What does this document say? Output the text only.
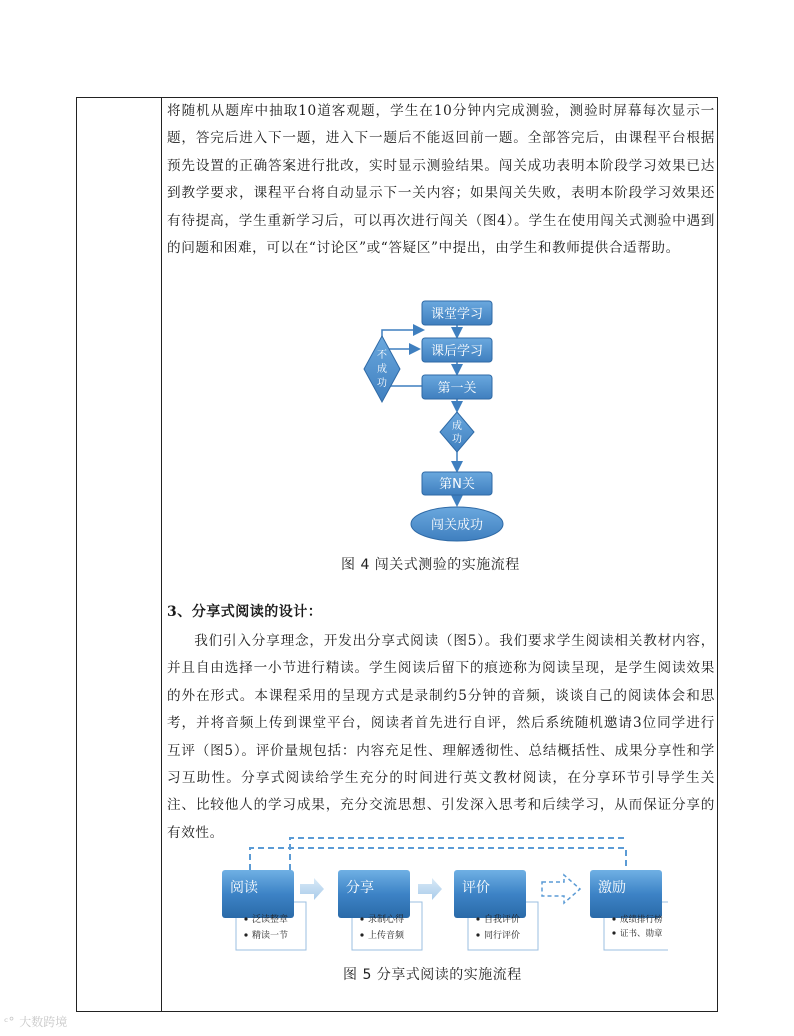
将随机从题库中抽取10道客观题，学生在10分钟内完成测验，测验时屏幕每次显示一题，答完后进入下一题，进入下一题后不能返回前一题。全部答完后，由课程平台根据预先设置的正确答案进行批改，实时显示测验结果。闯关成功表明本阶段学习效果已达到教学要求，课程平台将自动显示下一关内容；如果闯关失败，表明本阶段学习效果还有待提高，学生重新学习后，可以再次进行闯关（图4）。学生在使用闯关式测验中遇到的问题和困难，可以在“讨论区”或“答疑区”中提出，由学生和教师提供合适帮助。

课堂学习
课后学习
第一关
不
成
功
成
功
第N关
闯关成功
图 4 闯关式测验的实施流程
3、分享式阅读的设计：

我们引入分享理念，开发出分享式阅读（图5）。我们要求学生阅读相关教材内容，并且自由选择一小节进行精读。学生阅读后留下的痕迹称为阅读呈现，是学生阅读效果的外在形式。本课程采用的呈现方式是录制约5分钟的音频，谈谈自己的阅读体会和思考，并将音频上传到课堂平台，阅读者首先进行自评，然后系统随机邀请3位同学进行互评（图5）。评价量规包括：内容充足性、理解透彻性、总结概括性、成果分享性和学习互助性。分享式阅读给学生充分的时间进行英文教材阅读，在分享环节引导学生关注、比较他人的学习成果，充分交流思想、引发深入思考和后续学习，从而保证分享的有效性。

阅读
泛读整章
精读一节
分享
录制心得
上传音频
评价
自我评价
同行评价
激励
成绩排行榜
证书、勋章
图 5 分享式阅读的实施流程
ᶜ° 大数跨境
